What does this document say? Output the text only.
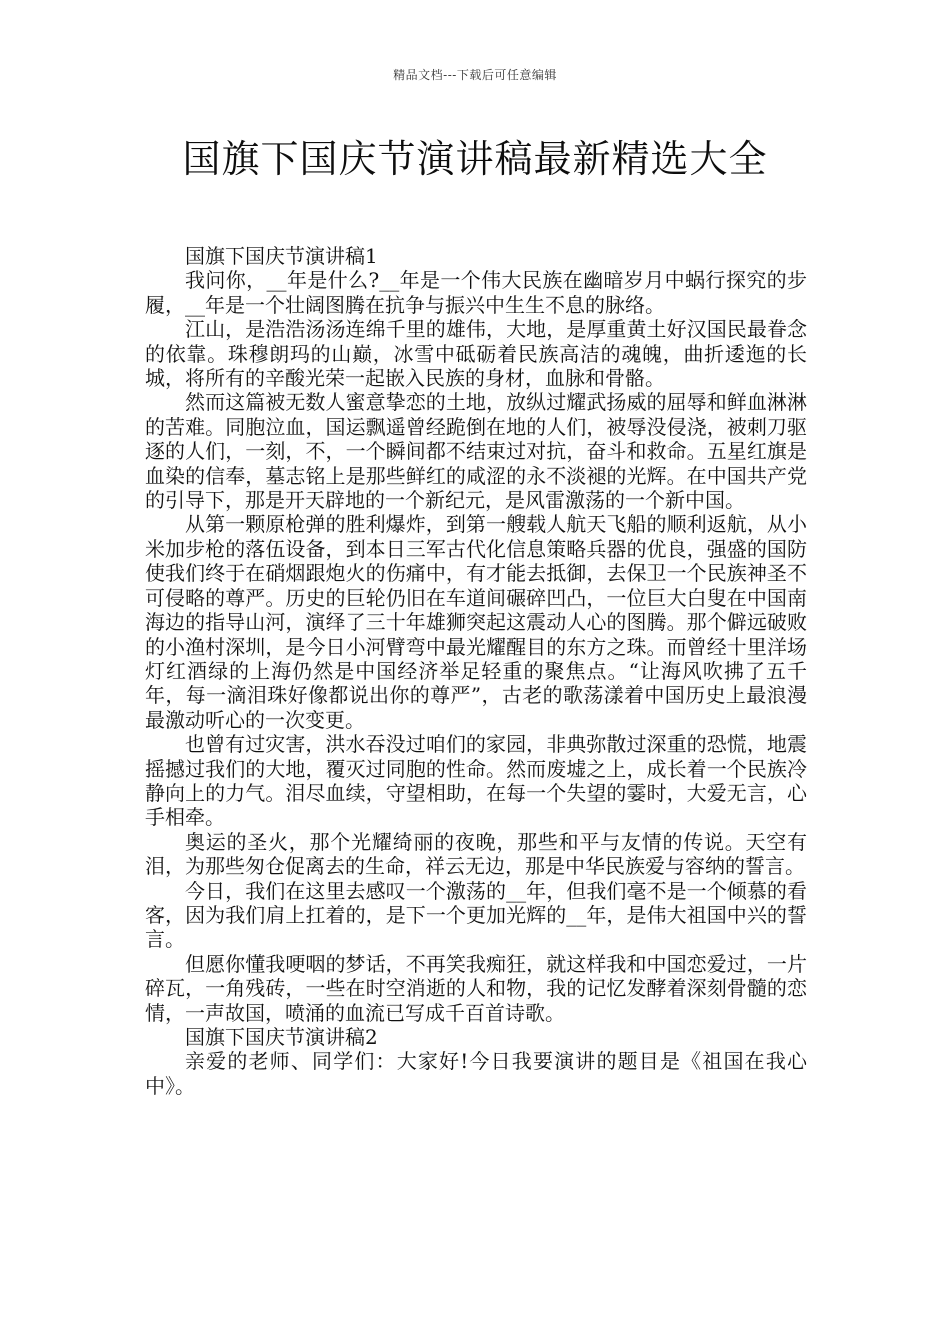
精品文档---下载后可任意编辑
国旗下国庆节演讲稿最新精选大全

国旗下国庆节演讲稿1

我问你，__年是什么?__年是一个伟大民族在幽暗岁月中蜗行探究的步履，__年是一个壮阔图腾在抗争与振兴中生生不息的脉络。

江山，是浩浩汤汤连绵千里的雄伟，大地，是厚重黄土好汉国民最眷念的依靠。珠穆朗玛的山巅，冰雪中砥砺着民族高洁的魂魄，曲折逶迤的长城，将所有的辛酸光荣一起嵌入民族的身材，血脉和骨骼。

然而这篇被无数人蜜意挚恋的土地，放纵过耀武扬威的屈辱和鲜血淋淋的苦难。同胞泣血，国运飘遥曾经跪倒在地的人们，被辱没侵浇，被刺刀驱逐的人们，一刻，不，一个瞬间都不结束过对抗，奋斗和救命。五星红旗是血染的信奉，墓志铭上是那些鲜红的咸涩的永不淡褪的光辉。在中国共产党的引导下，那是开天辟地的一个新纪元，是风雷激荡的一个新中国。

从第一颗原枪弹的胜利爆炸，到第一艘载人航天飞船的顺利返航，从小米加步枪的落伍设备，到本日三军古代化信息策略兵器的优良，强盛的国防使我们终于在硝烟跟炮火的伤痛中，有才能去抵御，去保卫一个民族神圣不可侵略的尊严。历史的巨轮仍旧在车道间碾碎凹凸，一位巨大白叟在中国南海边的指导山河，演绎了三十年雄狮突起这震动人心的图腾。那个僻远破败的小渔村深圳，是今日小河臂弯中最光耀醒目的东方之珠。而曾经十里洋场灯红酒绿的上海仍然是中国经济举足轻重的聚焦点。“让海风吹拂了五千年，每一滴泪珠好像都说出你的尊严”，古老的歌荡漾着中国历史上最浪漫最激动听心的一次变更。

也曾有过灾害，洪水吞没过咱们的家园，非典弥散过深重的恐慌，地震摇撼过我们的大地，覆灭过同胞的性命。然而废墟之上，成长着一个民族冷静向上的力气。泪尽血续，守望相助，在每一个失望的霎时，大爱无言，心手相牵。

奥运的圣火，那个光耀绮丽的夜晚，那些和平与友情的传说。天空有泪，为那些匆仓促离去的生命，祥云无边，那是中华民族爱与容纳的誓言。

今日，我们在这里去感叹一个激荡的__年，但我们毫不是一个倾慕的看客，因为我们肩上扛着的，是下一个更加光辉的__年，是伟大祖国中兴的誓言。

但愿你懂我哽咽的梦话，不再笑我痴狂，就这样我和中国恋爱过，一片碎瓦，一角残砖，一些在时空消逝的人和物，我的记忆发酵着深刻骨髓的恋情，一声故国，喷涌的血流已写成千百首诗歌。

国旗下国庆节演讲稿2

亲爱的老师、同学们：大家好!今日我要演讲的题目是《祖国在我心中》。
